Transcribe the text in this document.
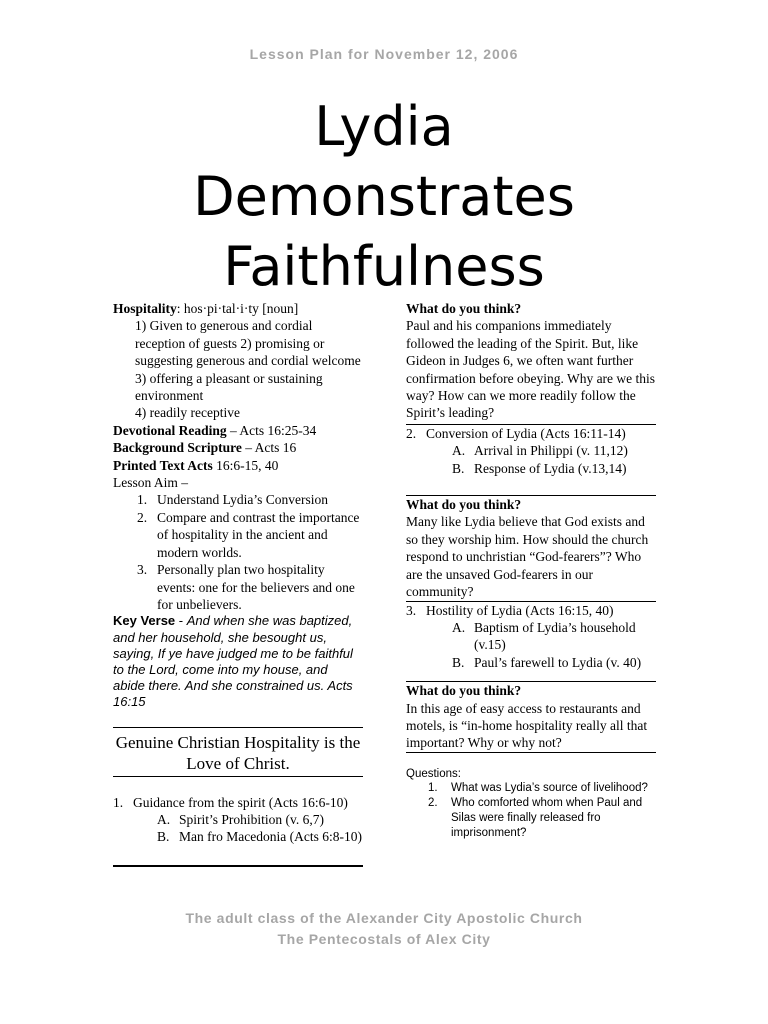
Lesson Plan for November 12, 2006
Lydia
Demonstrates
Faithfulness

Hospitality: hos·pi·tal·i·ty [noun]

1) Given to generous and cordial reception of guests 2) promising or suggesting generous and cordial welcome 3) offering a pleasant or sustaining environment

4) readily receptive

Devotional Reading – Acts 16:25-34

Background Scripture – Acts 16

Printed Text Acts 16:6-15, 40

Lesson Aim –

1. Understand Lydia’s Conversion
2. Compare and contrast the importance of hospitality in the ancient and modern worlds.
3. Personally plan two hospitality events: one for the believers and one for unbelievers.

Key Verse - And when she was baptized, and her household, she besought us, saying, If ye have judged me to be faithful to the Lord, come into my house, and abide there. And she constrained us. Acts 16:15

Genuine Christian Hospitality is the Love of Christ.
1. Guidance from the spirit (Acts 16:6-10)
A. Spirit’s Prohibition (v. 6,7)
B. Man fro Macedonia (Acts 6:8-10)

What do you think?

Paul and his companions immediately followed the leading of the Spirit. But, like Gideon in Judges 6, we often want further confirmation before obeying. Why are we this way? How can we more readily follow the Spirit’s leading?

2. Conversion of Lydia (Acts 16:11-14)
A. Arrival in Philippi (v. 11,12)
B. Response of Lydia (v.13,14)

What do you think?

Many like Lydia believe that God exists and so they worship him. How should the church respond to unchristian “God-fearers”? Who are the unsaved God-fearers in our community?

3. Hostility of Lydia (Acts 16:15, 40)
A. Baptism of Lydia’s household (v.15)
B. Paul’s farewell to Lydia (v. 40)

What do you think?

In this age of easy access to restaurants and motels, is “in-home hospitality really all that important? Why or why not?

Questions:
1. What was Lydia’s source of livelihood?
2. Who comforted whom when Paul and Silas were finally released fro imprisonment?
The adult class of the Alexander City Apostolic Church
The Pentecostals of Alex City
